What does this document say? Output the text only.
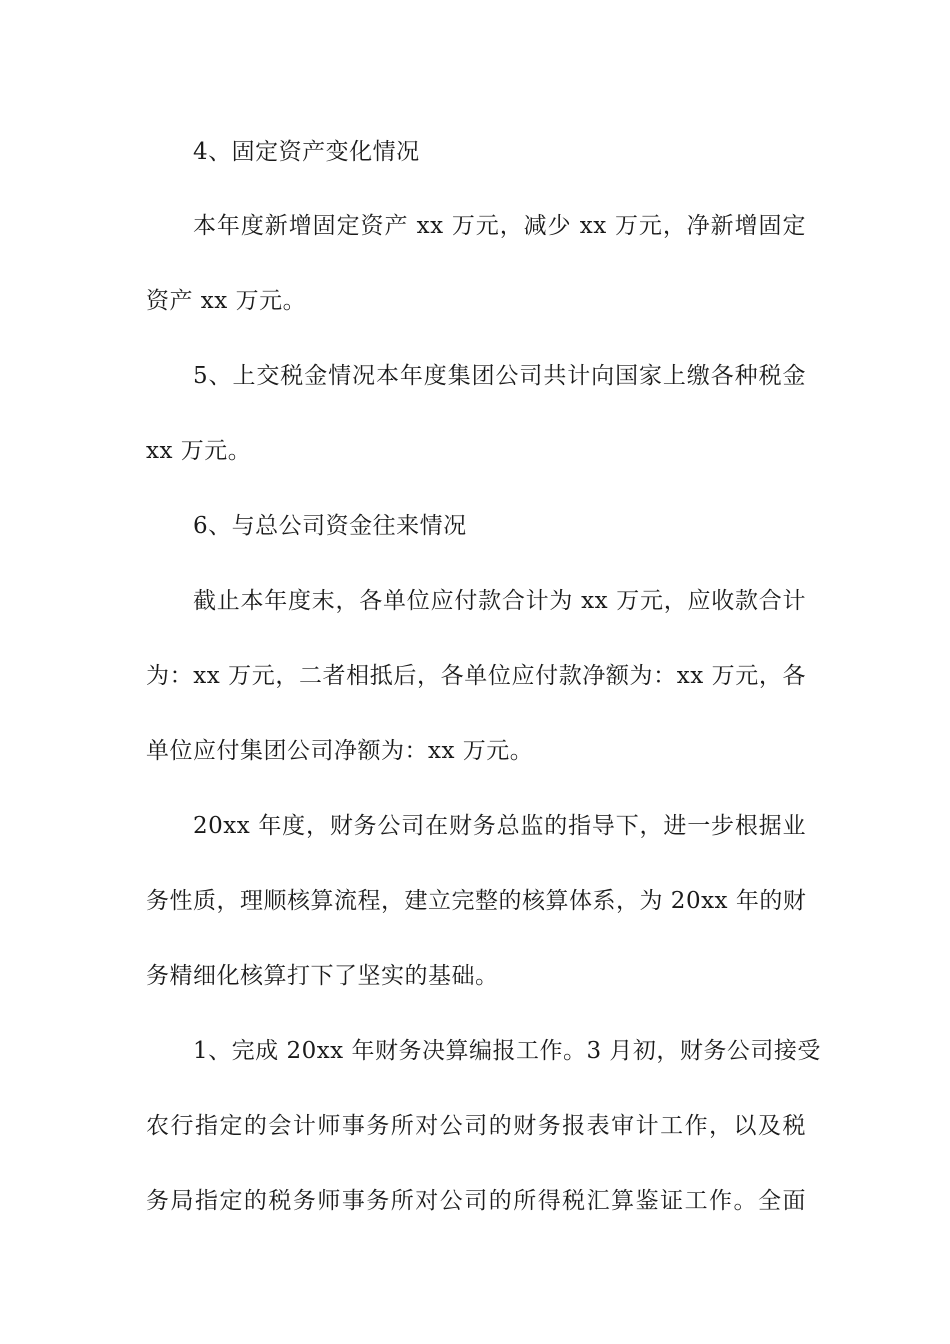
4、固定资产变化情况
本年度新增固定资产 xx 万元，减少 xx 万元，净新增固定
资产 xx 万元。
5、上交税金情况本年度集团公司共计向国家上缴各种税金
xx 万元。
6、与总公司资金往来情况
截止本年度末，各单位应付款合计为 xx 万元，应收款合计
为：xx 万元，二者相抵后，各单位应付款净额为：xx 万元，各
单位应付集团公司净额为：xx 万元。
20xx 年度，财务公司在财务总监的指导下，进一步根据业
务性质，理顺核算流程，建立完整的核算体系，为 20xx 年的财
务精细化核算打下了坚实的基础。
1、完成 20xx 年财务决算编报工作。3 月初，财务公司接受
农行指定的会计师事务所对公司的财务报表审计工作，以及税
务局指定的税务师事务所对公司的所得税汇算鉴证工作。全面
